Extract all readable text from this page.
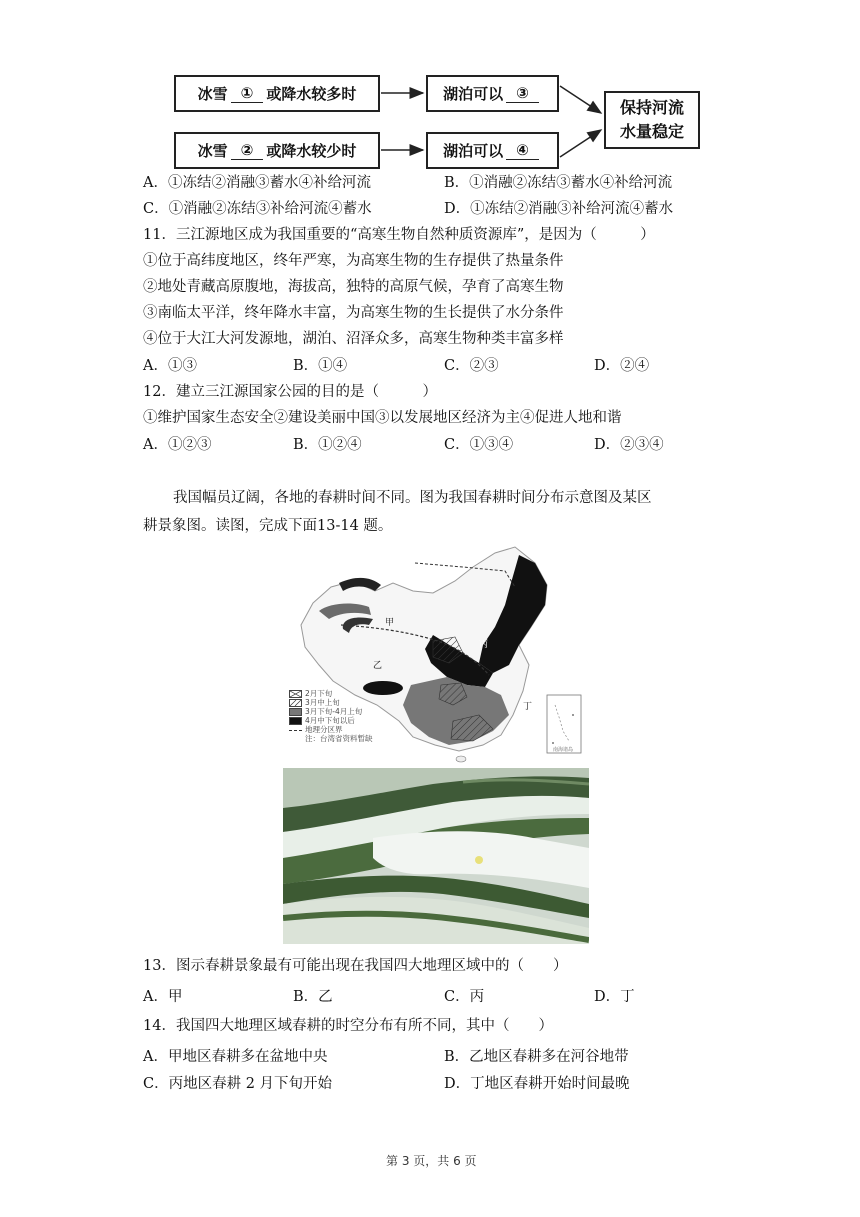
冰雪 ① 或降水较多时	湖泊可以 ③
冰雪 ② 或降水较少时	湖泊可以 ④
保持河流
水量稳定
A．①冻结②消融③蓄水④补给河流	B．①消融②冻结③蓄水④补给河流
C．①消融②冻结③补给河流④蓄水	D．①冻结②消融③补给河流④蓄水
11．三江源地区成为我国重要的“高寒生物自然种质资源库”，是因为（　　　）
①位于高纬度地区，终年严寒，为高寒生物的生存提供了热量条件
②地处青藏高原腹地，海拔高，独特的高原气候，孕育了高寒生物
③南临太平洋，终年降水丰富，为高寒生物的生长提供了水分条件
④位于大江大河发源地，湖泊、沼泽众多，高寒生物种类丰富多样
A．①③	B．①④	C．②③	D．②④
12．建立三江源国家公园的目的是（　　　）
①维护国家生态安全②建设美丽中国③以发展地区经济为主④促进人地和谐
A．①②③	B．①②④	C．①③④	D．②③④
我国幅员辽阔，各地的春耕时间不同。图为我国春耕时间分布示意图及某区
耕景象图。读图，完成下面13-14 题。
甲
乙
丙
丁
南海诸岛
2月下旬
3月中上旬
3月下旬-4月上旬
4月中下旬以后
地理分区界
注：台湾省资料暂缺
13．图示春耕景象最有可能出现在我国四大地理区域中的（　　）
A．甲	B．乙	C．丙	D．丁
14．我国四大地理区域春耕的时空分布有所不同，其中（　　）
A．甲地区春耕多在盆地中央	B．乙地区春耕多在河谷地带
C．丙地区春耕 2 月下旬开始	D．丁地区春耕开始时间最晚
第 3 页，共 6 页
